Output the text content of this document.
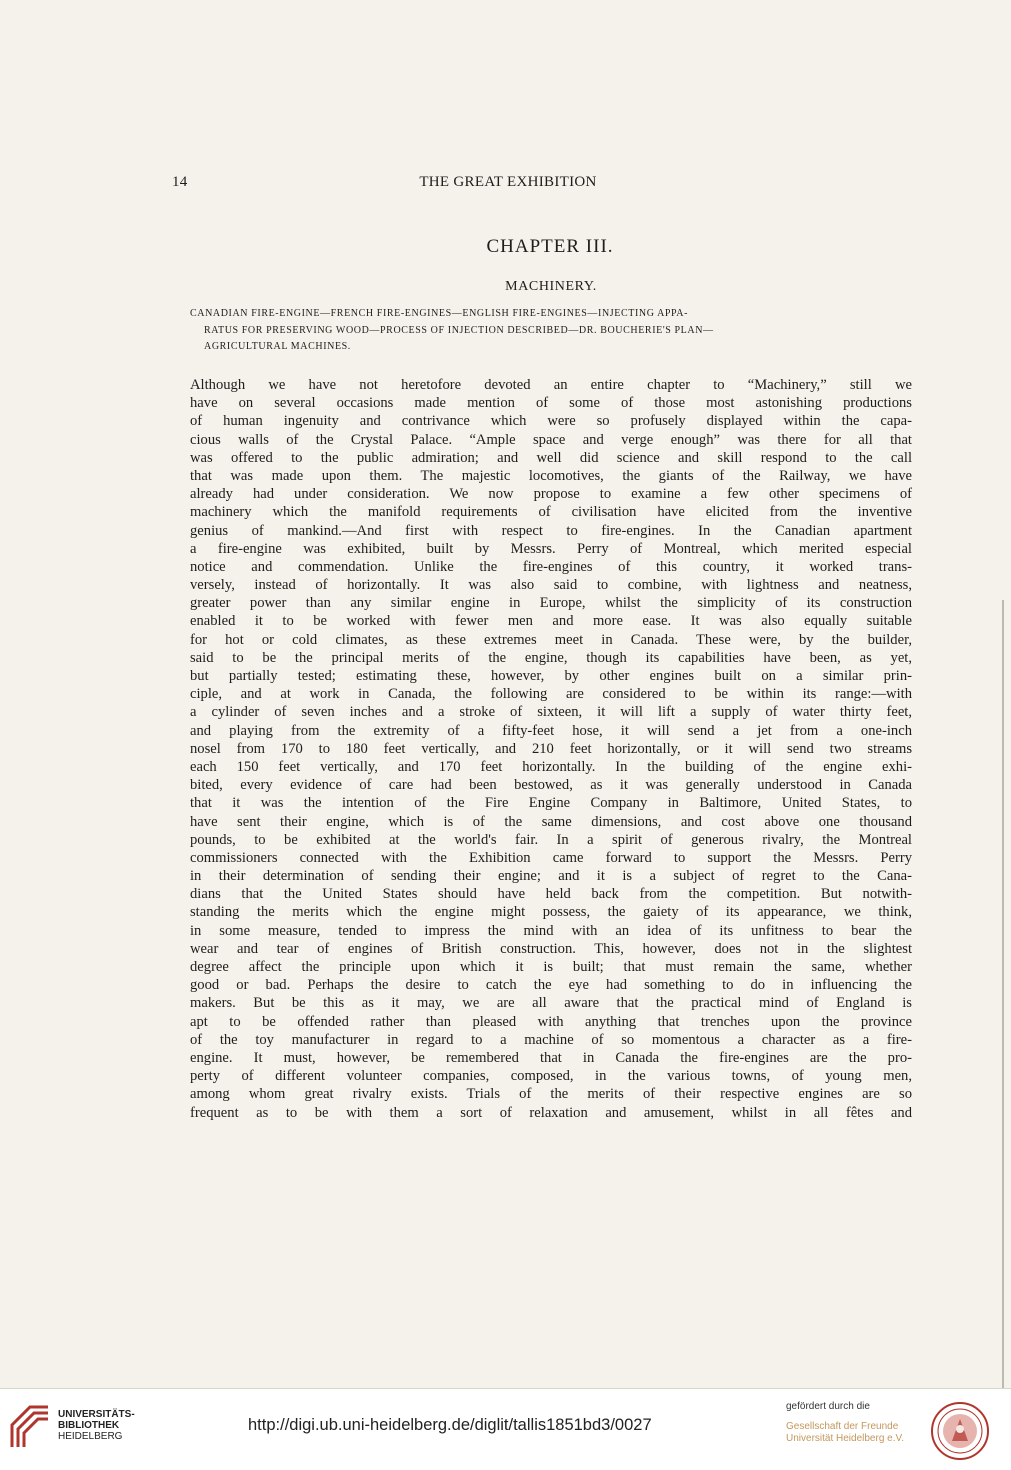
14	THE GREAT EXHIBITION
CHAPTER III.
MACHINERY.
CANADIAN FIRE-ENGINE—FRENCH FIRE-ENGINES—ENGLISH FIRE-ENGINES—INJECTING APPA-
RATUS FOR PRESERVING WOOD—PROCESS OF INJECTION DESCRIBED—DR. BOUCHERIE'S PLAN—
AGRICULTURAL MACHINES.
Although we have not heretofore devoted an entire chapter to “Machinery,” still we
have on several occasions made mention of some of those most astonishing productions
of human ingenuity and contrivance which were so profusely displayed within the capa-
cious walls of the Crystal Palace. “Ample space and verge enough” was there for all that
was offered to the public admiration; and well did science and skill respond to the call
that was made upon them. The majestic locomotives, the giants of the Railway, we have
already had under consideration. We now propose to examine a few other specimens of
machinery which the manifold requirements of civilisation have elicited from the inventive
genius of mankind.—And first with respect to fire-engines. In the Canadian apartment
a fire-engine was exhibited, built by Messrs. Perry of Montreal, which merited especial
notice and commendation. Unlike the fire-engines of this country, it worked trans-
versely, instead of horizontally. It was also said to combine, with lightness and neatness,
greater power than any similar engine in Europe, whilst the simplicity of its construction
enabled it to be worked with fewer men and more ease. It was also equally suitable
for hot or cold climates, as these extremes meet in Canada. These were, by the builder,
said to be the principal merits of the engine, though its capabilities have been, as yet,
but partially tested; estimating these, however, by other engines built on a similar prin-
ciple, and at work in Canada, the following are considered to be within its range:—with
a cylinder of seven inches and a stroke of sixteen, it will lift a supply of water thirty feet,
and playing from the extremity of a fifty-feet hose, it will send a jet from a one-inch
nosel from 170 to 180 feet vertically, and 210 feet horizontally, or it will send two streams
each 150 feet vertically, and 170 feet horizontally. In the building of the engine exhi-
bited, every evidence of care had been bestowed, as it was generally understood in Canada
that it was the intention of the Fire Engine Company in Baltimore, United States, to
have sent their engine, which is of the same dimensions, and cost above one thousand
pounds, to be exhibited at the world's fair. In a spirit of generous rivalry, the Montreal
commissioners connected with the Exhibition came forward to support the Messrs. Perry
in their determination of sending their engine; and it is a subject of regret to the Cana-
dians that the United States should have held back from the competition. But notwith-
standing the merits which the engine might possess, the gaiety of its appearance, we think,
in some measure, tended to impress the mind with an idea of its unfitness to bear the
wear and tear of engines of British construction. This, however, does not in the slightest
degree affect the principle upon which it is built; that must remain the same, whether
good or bad. Perhaps the desire to catch the eye had something to do in influencing the
makers. But be this as it may, we are all aware that the practical mind of England is
apt to be offended rather than pleased with anything that trenches upon the province
of the toy manufacturer in regard to a machine of so momentous a character as a fire-
engine. It must, however, be remembered that in Canada the fire-engines are the pro-
perty of different volunteer companies, composed, in the various towns, of young men,
among whom great rivalry exists. Trials of the merits of their respective engines are so
frequent as to be with them a sort of relaxation and amusement, whilst in all fêtes and
UNIVERSITÄTS-
BIBLIOTHEK
HEIDELBERG
http://digi.ub.uni-heidelberg.de/diglit/tallis1851bd3/0027
gefördert durch die
Gesellschaft der Freunde
Universität Heidelberg e.V.
